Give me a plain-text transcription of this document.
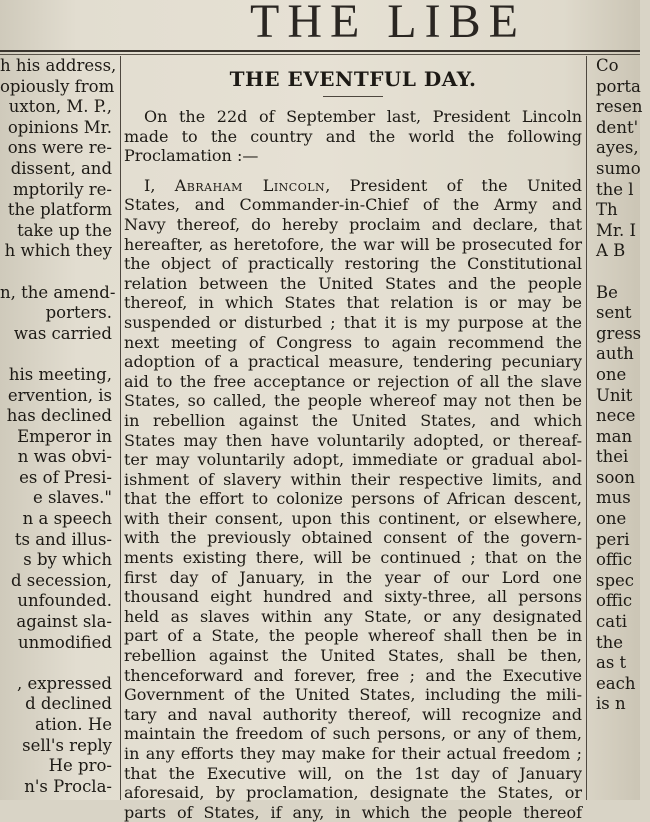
THE LIBE
h his address,
opiously from
uxton, M. P.,
opinions Mr.
ons were re-
dissent, and
mptorily re-
the platform
take up the
h which they
n, the amend-
porters.
was carried
his meeting,
ervention, is
has declined
Emperor in
n was obvi-
es of Presi-
e slaves."
n a speech
ts and illus-
s by which
d secession,
unfounded.
against sla-
unmodified
, expressed
d declined
ation. He
sell's reply
He pro-
n's Procla-
THE EVENTFUL DAY.
On the 22d of September last, President Lincoln
made to the country and the world the following
Proclamation :—
I, Abraham Lincoln, President of the United
States, and Commander-in-Chief of the Army and
Navy thereof, do hereby proclaim and declare, that
hereafter, as heretofore, the war will be prosecuted for
the object of practically restoring the Constitutional
relation between the United States and the people
thereof, in which States that relation is or may be
suspended or disturbed ; that it is my purpose at the
next meeting of Congress to again recommend the
adoption of a practical measure, tendering pecuniary
aid to the free acceptance or rejection of all the slave
States, so called, the people whereof may not then be
in rebellion against the United States, and which
States may then have voluntarily adopted, or thereaf-
ter may voluntarily adopt, immediate or gradual abol-
ishment of slavery within their respective limits, and
that the effort to colonize persons of African descent,
with their consent, upon this continent, or elsewhere,
with the previously obtained consent of the govern-
ments existing there, will be continued ; that on the
first day of January, in the year of our Lord one
thousand eight hundred and sixty-three, all persons
held as slaves within any State, or any designated
part of a State, the people whereof shall then be in
rebellion against the United States, shall be then,
thenceforward and forever, free ; and the Executive
Government of the United States, including the mili-
tary and naval authority thereof, will recognize and
maintain the freedom of such persons, or any of them,
in any efforts they may make for their actual freedom ;
that the Executive will, on the 1st day of January
aforesaid, by proclamation, designate the States, or
parts of States, if any, in which the people thereof
Co
porta
resen
dent'
ayes,
sumo
the l
Th
Mr. I
A B
Be
sent
gress
auth
one
Unit
nece
man
thei
soon
mus
one
peri
offic
spec
offic
cati
the
as t
each
is n
